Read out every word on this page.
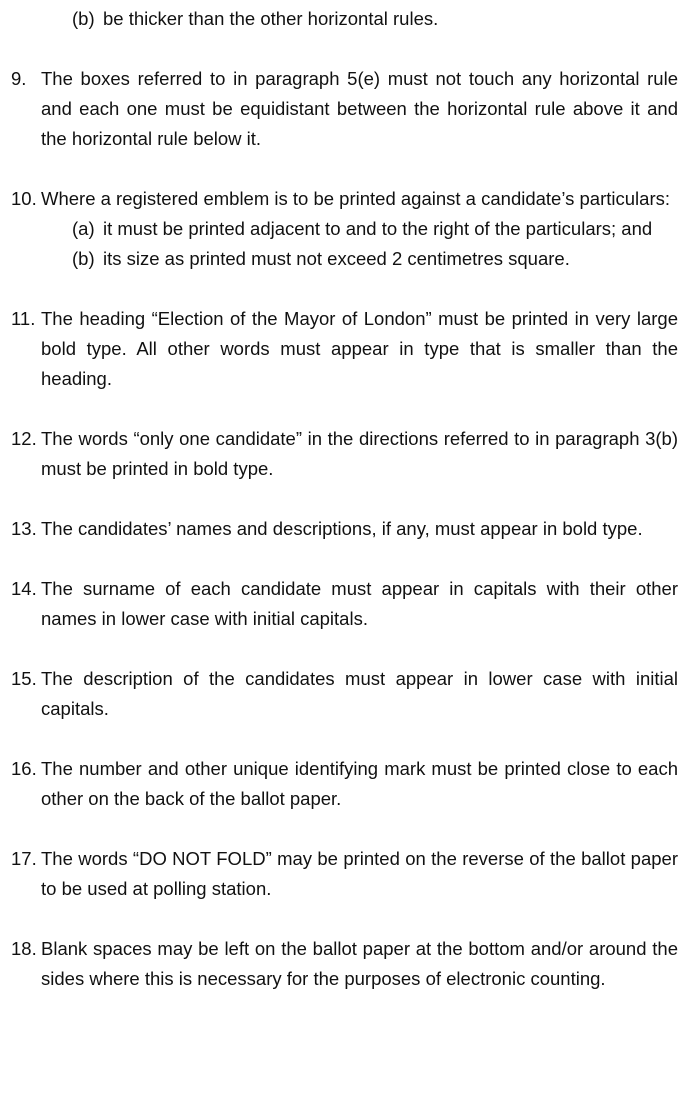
(b) be thicker than the other horizontal rules.
9. The boxes referred to in paragraph 5(e) must not touch any horizontal rule and each one must be equidistant between the horizontal rule above it and the horizontal rule below it.
10. Where a registered emblem is to be printed against a candidate’s particulars:
(a) it must be printed adjacent to and to the right of the particulars; and
(b) its size as printed must not exceed 2 centimetres square.
11. The heading “Election of the Mayor of London” must be printed in very large bold type. All other words must appear in type that is smaller than the heading.
12. The words “only one candidate” in the directions referred to in paragraph 3(b) must be printed in bold type.
13. The candidates’ names and descriptions, if any, must appear in bold type.
14. The surname of each candidate must appear in capitals with their other names in lower case with initial capitals.
15. The description of the candidates must appear in lower case with initial capitals.
16. The number and other unique identifying mark must be printed close to each other on the back of the ballot paper.
17. The words “DO NOT FOLD” may be printed on the reverse of the ballot paper to be used at polling station.
18. Blank spaces may be left on the ballot paper at the bottom and/or around the sides where this is necessary for the purposes of electronic counting.
